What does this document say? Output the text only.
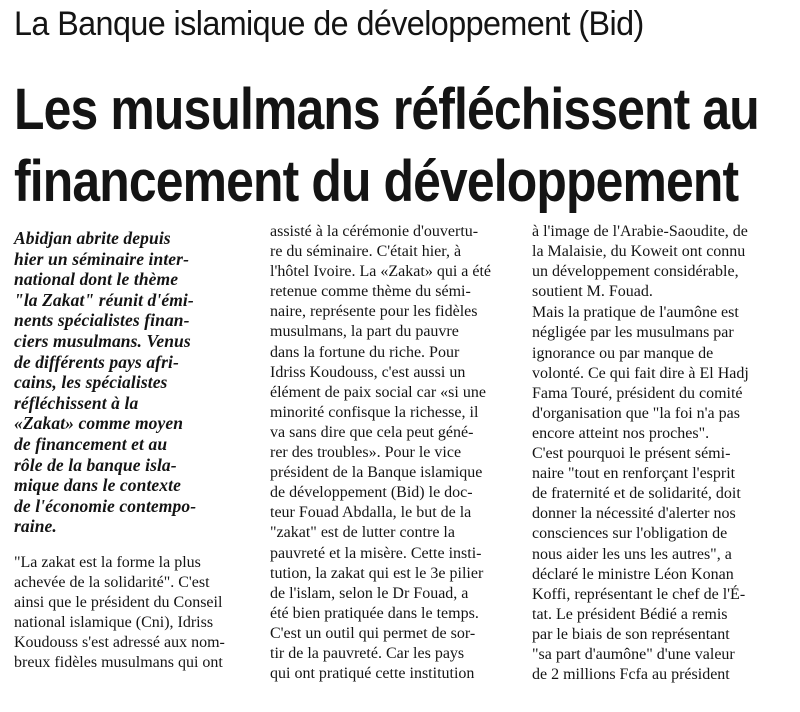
La Banque islamique de développement (Bid)
Les musulmans réfléchissent au
financement du développement

Abidjan abrite depuis
hier un séminaire inter-
national dont le thème
"la Zakat" réunit d'émi-
nents spécialistes finan-
ciers musulmans. Venus
de différents pays afri-
cains, les spécialistes
réfléchissent à la
«Zakat» comme moyen
de financement et au
rôle de la banque isla-
mique dans le contexte
de l'économie contempo-
raine.

"La zakat est la forme la plus
achevée de la solidarité". C'est
ainsi que le président du Conseil
national islamique (Cni), Idriss
Koudouss s'est adressé aux nom-
breux fidèles musulmans qui ont

assisté à la cérémonie d'ouvertu-
re du séminaire. C'était hier, à
l'hôtel Ivoire. La «Zakat» qui a été
retenue comme thème du sémi-
naire, représente pour les fidèles
musulmans, la part du pauvre
dans la fortune du riche. Pour
Idriss Koudouss, c'est aussi un
élément de paix social car «si une
minorité confisque la richesse, il
va sans dire que cela peut géné-
rer des troubles». Pour le vice
président de la Banque islamique
de développement (Bid) le doc-
teur Fouad Abdalla, le but de la
"zakat" est de lutter contre la
pauvreté et la misère. Cette insti-
tution, la zakat qui est le 3e pilier
de l'islam, selon le Dr Fouad, a
été bien pratiquée dans le temps.
C'est un outil qui permet de sor-
tir de la pauvreté. Car les pays
qui ont pratiqué cette institution

à l'image de l'Arabie-Saoudite, de
la Malaisie, du Koweit ont connu
un développement considérable,
soutient M. Fouad.

Mais la pratique de l'aumône est
négligée par les musulmans par
ignorance ou par manque de
volonté. Ce qui fait dire à El Hadj
Fama Touré, président du comité
d'organisation que "la foi n'a pas
encore atteint nos proches".
C'est pourquoi le présent sémi-
naire "tout en renforçant l'esprit
de fraternité et de solidarité, doit
donner la nécessité d'alerter nos
consciences sur l'obligation de
nous aider les uns les autres", a
déclaré le ministre Léon Konan
Koffi, représentant le chef de l'É-
tat. Le président Bédié a remis
par le biais de son représentant
"sa part d'aumône" d'une valeur
de 2 millions Fcfa au président
